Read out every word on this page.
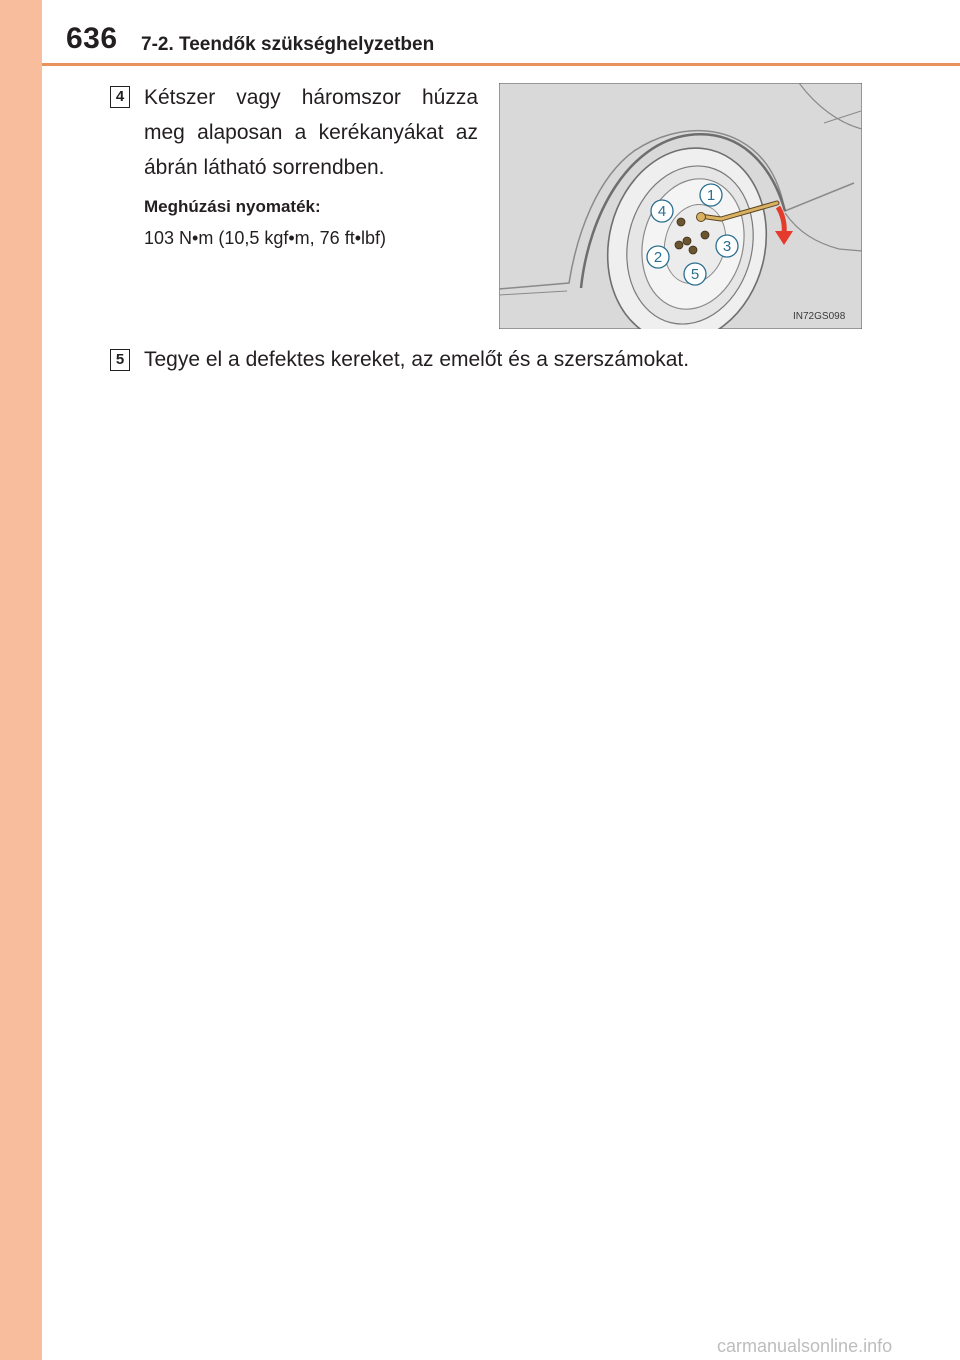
636 7-2. Teendők szükséghelyzetben
4 Kétszer vagy háromszor húzza meg alaposan a kerékanyákat az ábrán látható sorrendben.
Meghúzási nyomaték:
103 N•m (10,5 kgf•m, 76 ft•lbf)
1
2
3
4
5
IN72GS098
5 Tegye el a defektes kereket, az emelőt és a szerszámokat.
carmanualsonline.info
